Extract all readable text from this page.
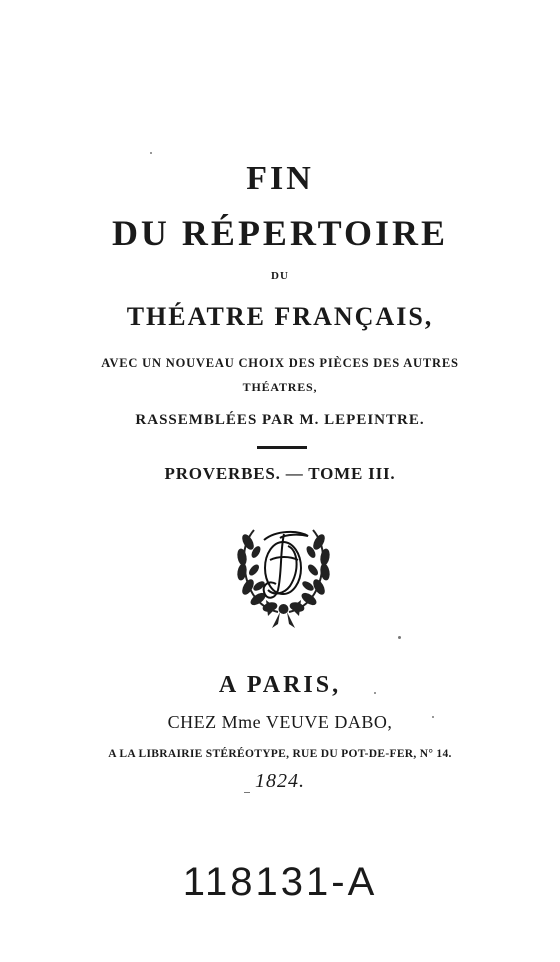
FIN
DU RÉPERTOIRE
DU
THÉATRE FRANÇAIS,
AVEC UN NOUVEAU CHOIX DES PIÈCES DES AUTRES
THÉATRES,
RASSEMBLÉES PAR M. LEPEINTRE.
PROVERBES. — TOME III.
A PARIS,
CHEZ Mme VEUVE DABO,
A LA LIBRAIRIE STÉRÉOTYPE, RUE DU POT-DE-FER, N° 14.
1824.
118131-A
